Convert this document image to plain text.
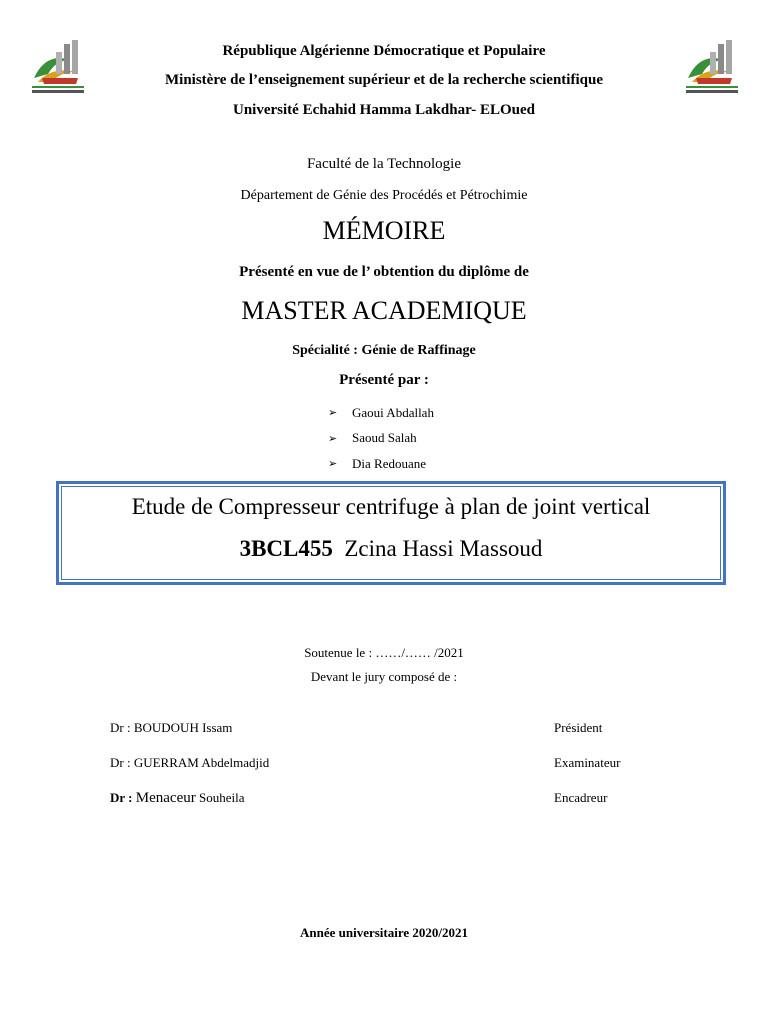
République Algérienne Démocratique et Populaire
Ministère de l’enseignement supérieur et de la recherche scientifique
Université Echahid Hamma Lakdhar- ELOued
Faculté de la Technologie
Département de Génie des Procédés et Pétrochimie
MÉMOIRE
Présenté en vue de l’ obtention du diplôme de
MASTER ACADEMIQUE
Spécialité : Génie de Raffinage
Présenté par :
➢	Gaoui Abdallah
➢	Saoud Salah
➢	Dia Redouane
Etude de Compresseur centrifuge à plan de joint vertical
3BCL455 Zcina Hassi Massoud
Soutenue le : ……/…… /2021
Devant le jury composé de :
Dr : BOUDOUH Issam	Président
Dr : GUERRAM Abdelmadjid	Examinateur
Dr : Menaceur Souheila	Encadreur
Année universitaire 2020/2021
